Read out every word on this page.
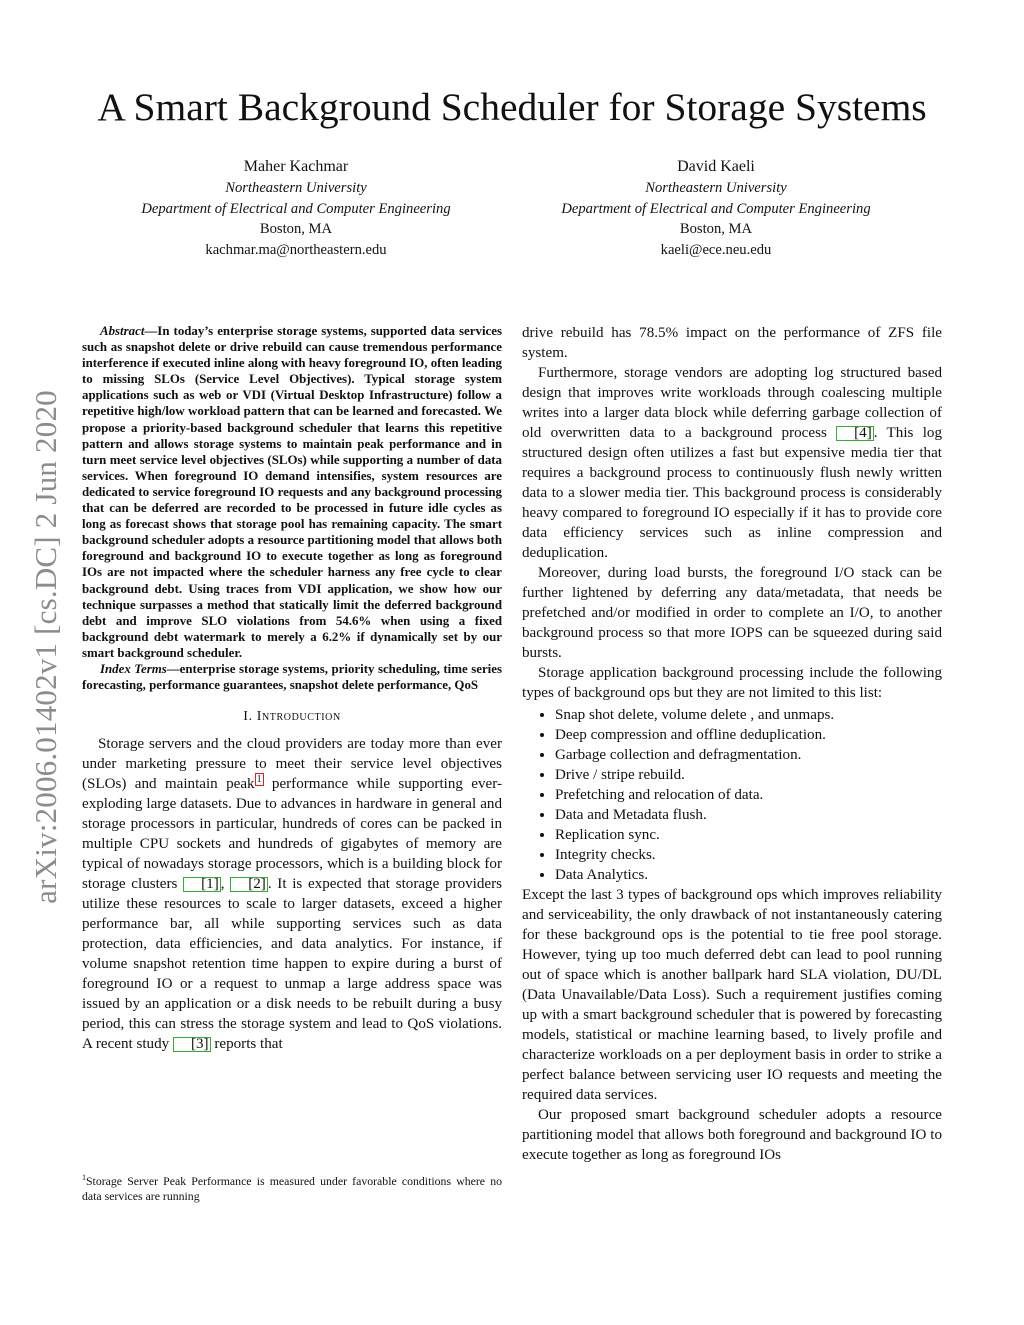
arXiv:2006.01402v1 [cs.DC] 2 Jun 2020
A Smart Background Scheduler for Storage Systems
Maher Kachmar
Northeastern University
Department of Electrical and Computer Engineering
Boston, MA
kachmar.ma@northeastern.edu
David Kaeli
Northeastern University
Department of Electrical and Computer Engineering
Boston, MA
kaeli@ece.neu.edu

Abstract—In today’s enterprise storage systems, supported data services such as snapshot delete or drive rebuild can cause tremendous performance interference if executed inline along with heavy foreground IO, often leading to missing SLOs (Service Level Objectives). Typical storage system applications such as web or VDI (Virtual Desktop Infrastructure) follow a repetitive high/low workload pattern that can be learned and forecasted. We propose a priority-based background scheduler that learns this repetitive pattern and allows storage systems to maintain peak performance and in turn meet service level objectives (SLOs) while supporting a number of data services. When foreground IO demand intensifies, system resources are dedicated to service foreground IO requests and any background processing that can be deferred are recorded to be processed in future idle cycles as long as forecast shows that storage pool has remaining capacity. The smart background scheduler adopts a resource partitioning model that allows both foreground and background IO to execute together as long as foreground IOs are not impacted where the scheduler harness any free cycle to clear background debt. Using traces from VDI application, we show how our technique surpasses a method that statically limit the deferred background debt and improve SLO violations from 54.6% when using a fixed background debt watermark to merely a 6.2% if dynamically set by our smart background scheduler.

Index Terms—enterprise storage systems, priority scheduling, time series forecasting, performance guarantees, snapshot delete performance, QoS

I. Introduction

Storage servers and the cloud providers are today more than ever under marketing pressure to meet their service level objectives (SLOs) and maintain peak $^1$ performance while supporting ever-exploding large datasets. Due to advances in hardware in general and storage processors in particular, hundreds of cores can be packed in multiple CPU sockets and hundreds of gigabytes of memory are typical of nowadays storage processors, which is a building block for storage clusters [1] , [2] . It is expected that storage providers utilize these resources to scale to larger datasets, exceed a higher performance bar, all while supporting services such as data protection, data efficiencies, and data analytics. For instance, if volume snapshot retention time happen to expire during a burst of foreground IO or a request to unmap a large address space was issued by an application or a disk needs to be rebuilt during a busy period, this can stress the storage system and lead to QoS violations. A recent study [3] reports that

$^1$Storage Server Peak Performance is measured under favorable conditions where no data services are running

drive rebuild has 78.5% impact on the performance of ZFS file system.

Furthermore, storage vendors are adopting log structured based design that improves write workloads through coalescing multiple writes into a larger data block while deferring garbage collection of old overwritten data to a background process [4] . This log structured design often utilizes a fast but expensive media tier that requires a background process to continuously flush newly written data to a slower media tier. This background process is considerably heavy compared to foreground IO especially if it has to provide core data efficiency services such as inline compression and deduplication.

Moreover, during load bursts, the foreground I/O stack can be further lightened by deferring any data/metadata, that needs be prefetched and/or modified in order to complete an I/O, to another background process so that more IOPS can be squeezed during said bursts.

Storage application background processing include the following types of background ops but they are not limited to this list:

• Snap shot delete, volume delete , and unmaps.
• Deep compression and offline deduplication.
• Garbage collection and defragmentation.
• Drive / stripe rebuild.
• Prefetching and relocation of data.
• Data and Metadata flush.
• Replication sync.
• Integrity checks.
• Data Analytics.

Except the last 3 types of background ops which improves reliability and serviceability, the only drawback of not instantaneously catering for these background ops is the potential to tie free pool storage. However, tying up too much deferred debt can lead to pool running out of space which is another ballpark hard SLA violation, DU/DL (Data Unavailable/Data Loss). Such a requirement justifies coming up with a smart background scheduler that is powered by forecasting models, statistical or machine learning based, to lively profile and characterize workloads on a per deployment basis in order to strike a perfect balance between servicing user IO requests and meeting the required data services.

Our proposed smart background scheduler adopts a resource partitioning model that allows both foreground and background IO to execute together as long as foreground IOs
